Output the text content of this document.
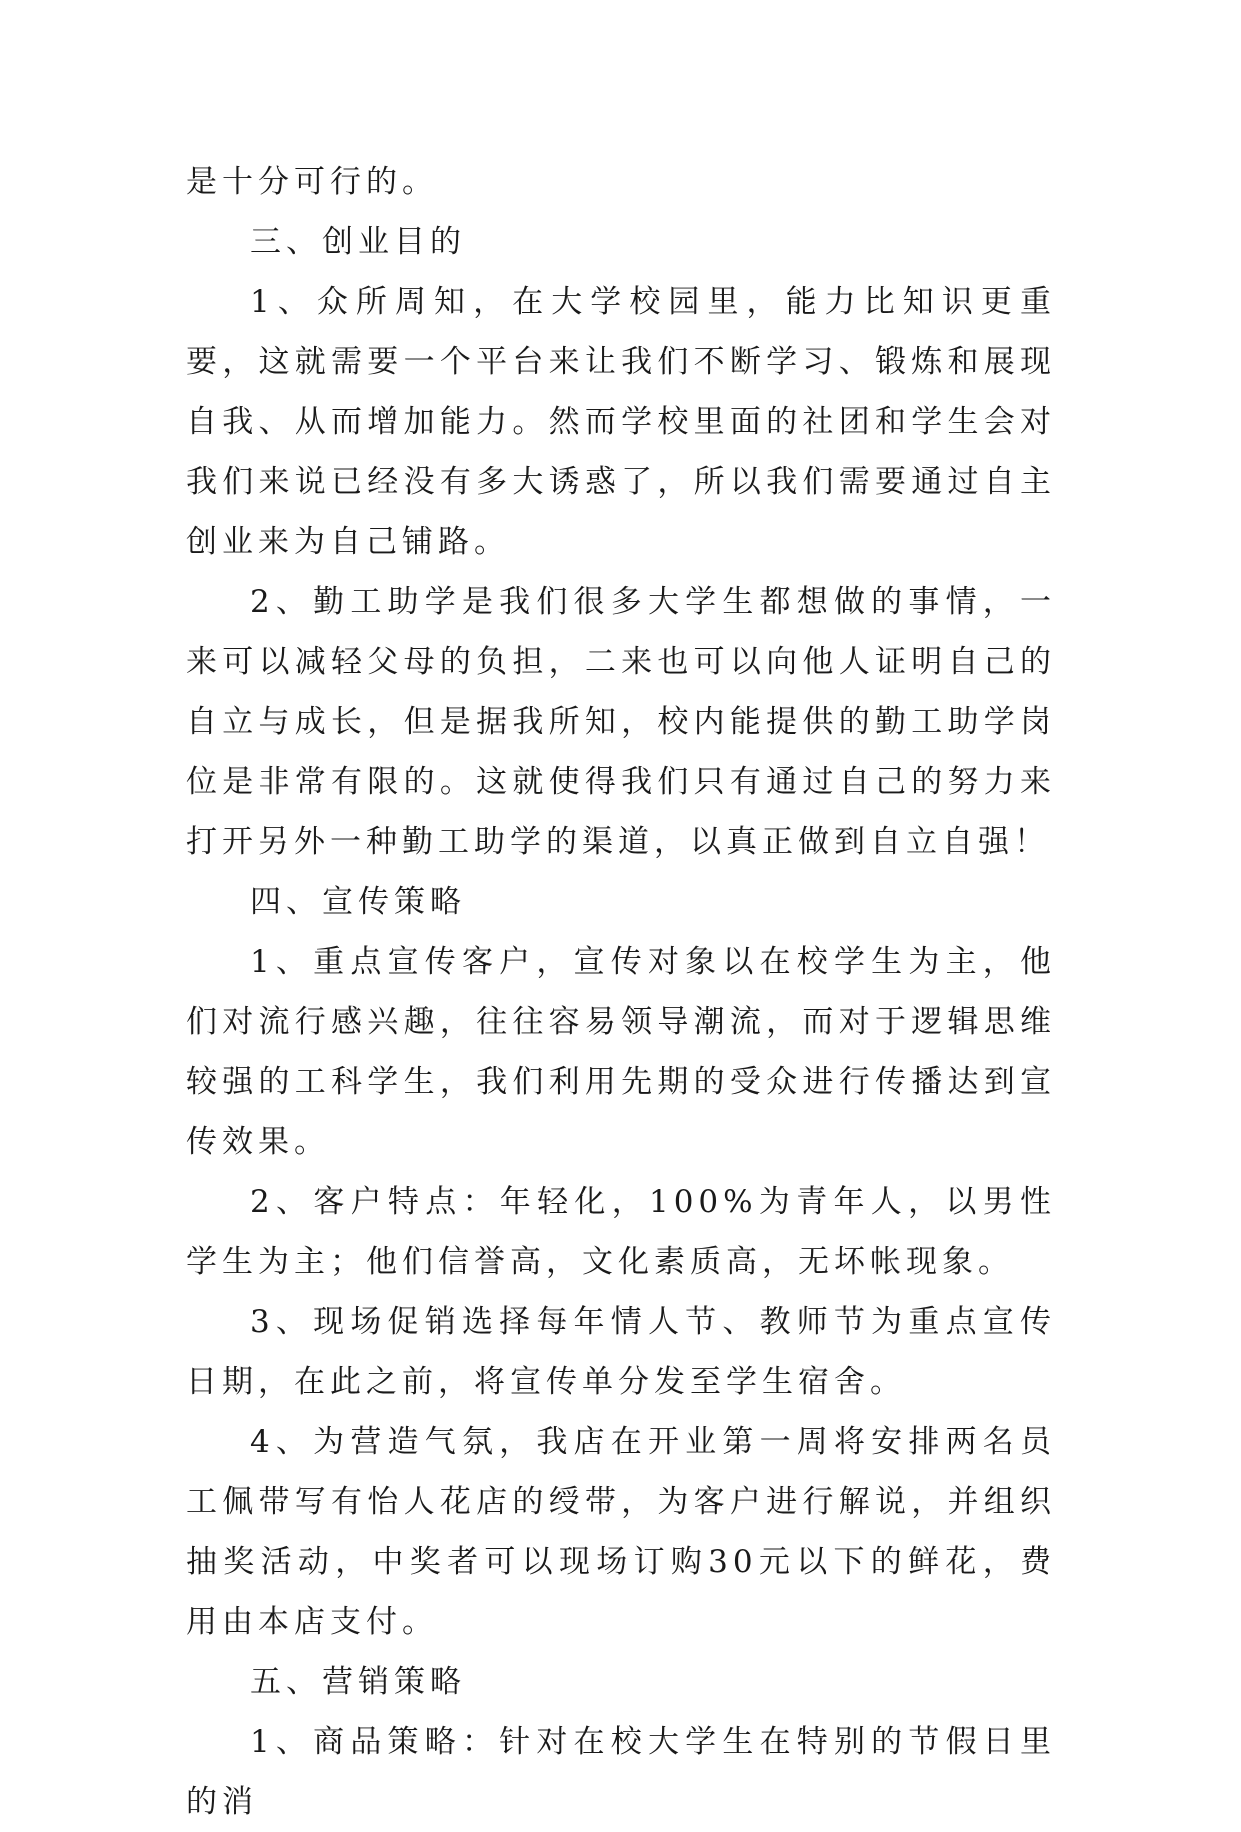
是十分可行的。

三、创业目的

1、众所周知，在大学校园里，能力比知识更重要，这就需要一个平台来让我们不断学习、锻炼和展现自我、从而增加能力。然而学校里面的社团和学生会对我们来说已经没有多大诱惑了，所以我们需要通过自主创业来为自己铺路。

2、勤工助学是我们很多大学生都想做的事情，一来可以减轻父母的负担，二来也可以向他人证明自己的自立与成长，但是据我所知，校内能提供的勤工助学岗位是非常有限的。这就使得我们只有通过自己的努力来打开另外一种勤工助学的渠道，以真正做到自立自强！

四、宣传策略

1、重点宣传客户，宣传对象以在校学生为主，他们对流行感兴趣，往往容易领导潮流，而对于逻辑思维较强的工科学生，我们利用先期的受众进行传播达到宣传效果。

2、客户特点：年轻化，100%为青年人，以男性学生为主；他们信誉高，文化素质高，无坏帐现象。

3、现场促销选择每年情人节、教师节为重点宣传日期，在此之前，将宣传单分发至学生宿舍。

4、为营造气氛，我店在开业第一周将安排两名员工佩带写有怡人花店的绶带，为客户进行解说，并组织抽奖活动，中奖者可以现场订购30元以下的鲜花，费用由本店支付。

五、营销策略

1、商品策略：针对在校大学生在特别的节假日里的消
